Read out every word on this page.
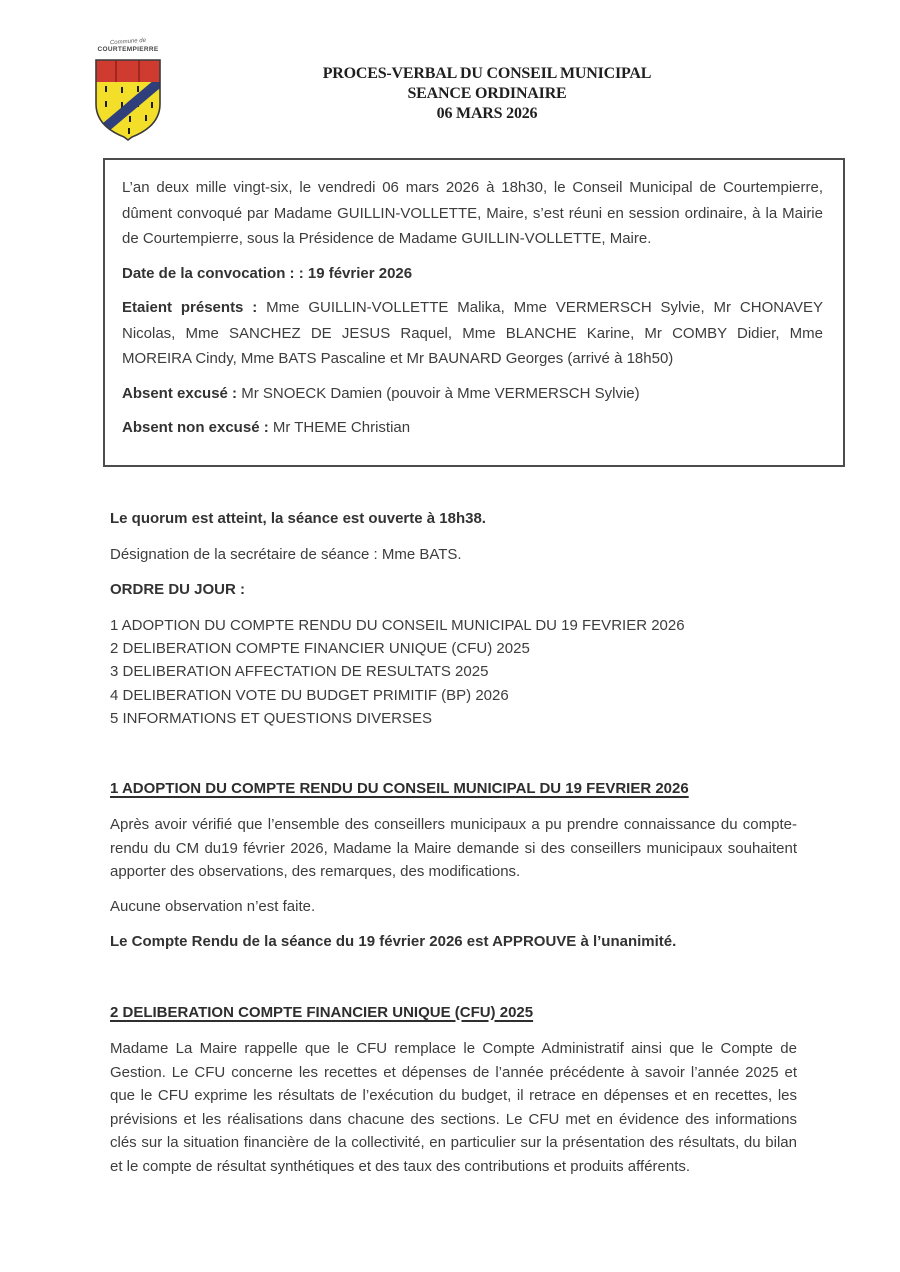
Commune de
COURTEMPIERRE
PROCES-VERBAL DU CONSEIL MUNICIPAL
SEANCE ORDINAIRE
06 MARS 2026

L’an deux mille vingt-six, le vendredi 06 mars 2026 à 18h30, le Conseil Municipal de Courtempierre, dûment convoqué par Madame GUILLIN-VOLLETTE, Maire, s’est réuni en session ordinaire, à la Mairie de Courtempierre, sous la Présidence de Madame GUILLIN-VOLLETTE, Maire.

Date de la convocation : : 19 février 2026

Etaient présents : Mme GUILLIN-VOLLETTE Malika, Mme VERMERSCH Sylvie, Mr CHONAVEY Nicolas, Mme SANCHEZ DE JESUS Raquel, Mme BLANCHE Karine, Mr COMBY Didier, Mme MOREIRA Cindy, Mme BATS Pascaline et Mr BAUNARD Georges (arrivé à 18h50)

Absent excusé : Mr SNOECK Damien (pouvoir à Mme VERMERSCH Sylvie)

Absent non excusé : Mr THEME Christian

Le quorum est atteint, la séance est ouverte à 18h38.
Désignation de la secrétaire de séance : Mme BATS.
ORDRE DU JOUR :
1 ADOPTION DU COMPTE RENDU DU CONSEIL MUNICIPAL DU 19 FEVRIER 2026
2 DELIBERATION COMPTE FINANCIER UNIQUE (CFU) 2025
3 DELIBERATION AFFECTATION DE RESULTATS 2025
4 DELIBERATION VOTE DU BUDGET PRIMITIF (BP) 2026
5 INFORMATIONS ET QUESTIONS DIVERSES
1 ADOPTION DU COMPTE RENDU DU CONSEIL MUNICIPAL DU 19 FEVRIER 2026
Après avoir vérifié que l’ensemble des conseillers municipaux a pu prendre connaissance du compte-rendu du CM du19 février 2026, Madame la Maire demande si des conseillers municipaux souhaitent apporter des observations, des remarques, des modifications.
Aucune observation n’est faite.
Le Compte Rendu de la séance du 19 février 2026 est APPROUVE à l’unanimité.
2 DELIBERATION COMPTE FINANCIER UNIQUE (CFU) 2025
Madame La Maire rappelle que le CFU remplace le Compte Administratif ainsi que le Compte de Gestion. Le CFU concerne les recettes et dépenses de l’année précédente à savoir l’année 2025 et que le CFU exprime les résultats de l’exécution du budget, il retrace en dépenses et en recettes, les prévisions et les réalisations dans chacune des sections. Le CFU met en évidence des informations clés sur la situation financière de la collectivité, en particulier sur la présentation des résultats, du bilan et le compte de résultat synthétiques et des taux des contributions et produits afférents.
